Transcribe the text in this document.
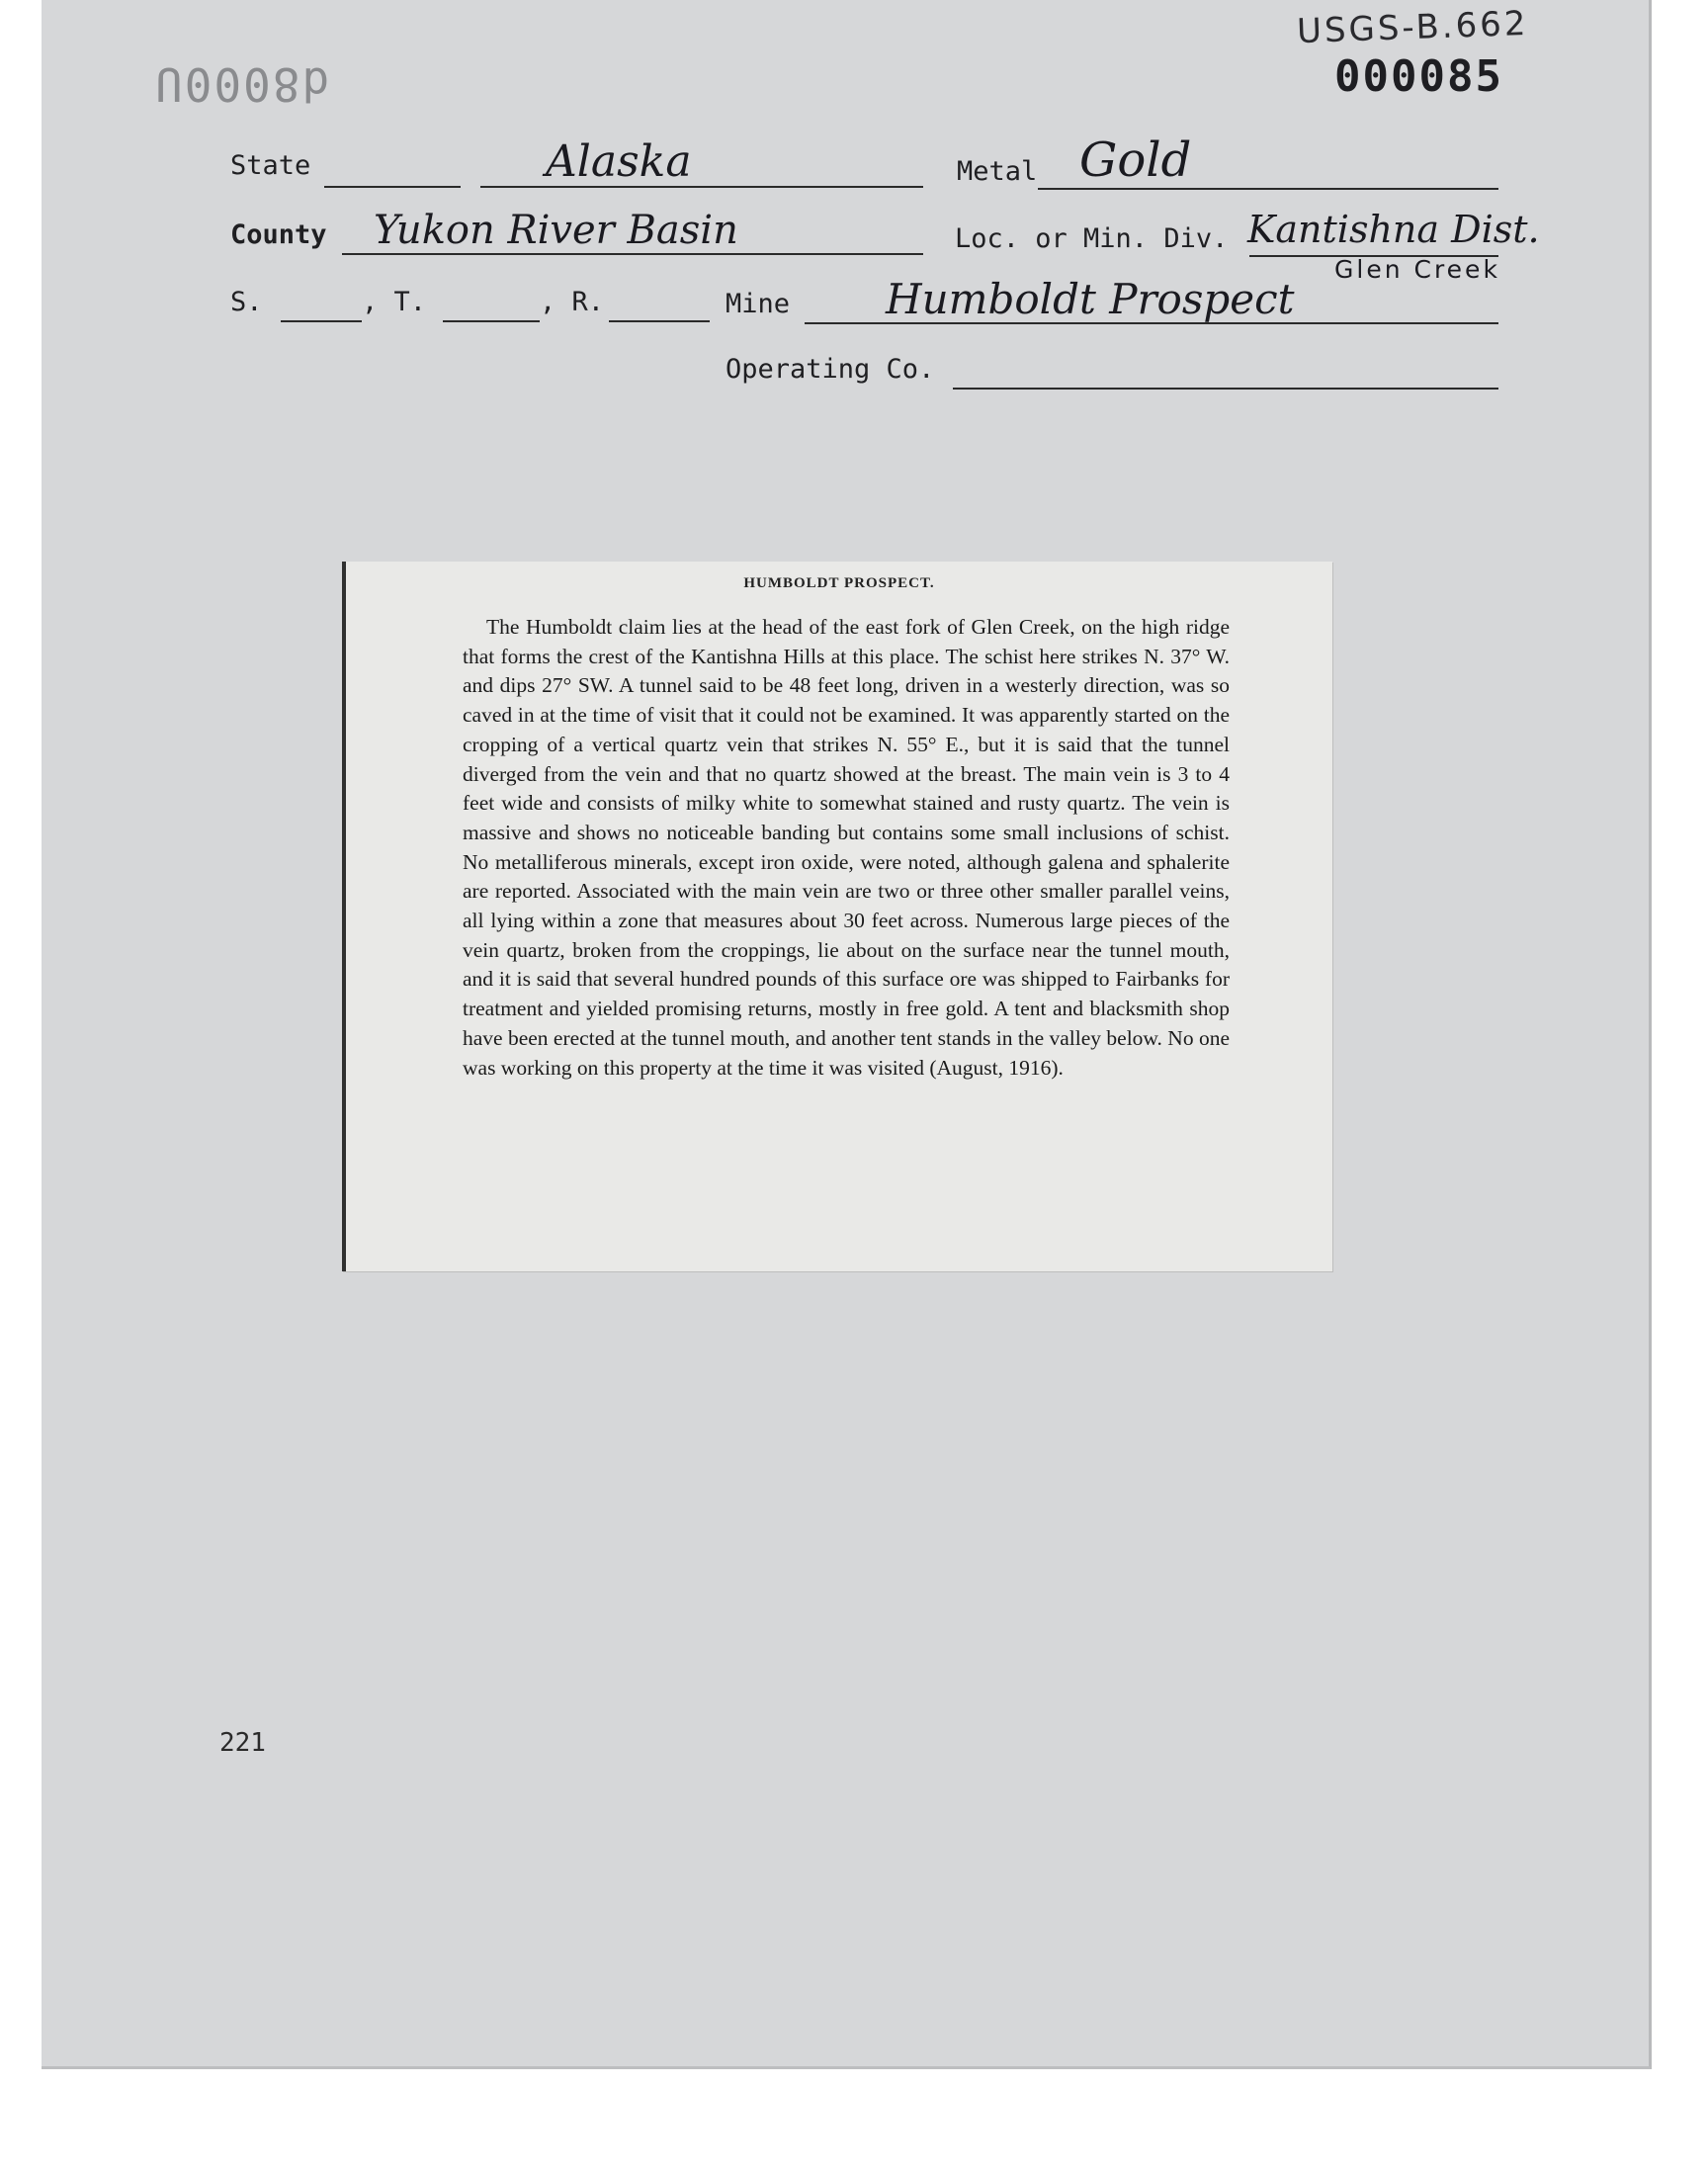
d8000U
USGS-B.662
000085
State	Alaska	Metal Gold
County Yukon River Basin	Loc. or Min. Div. Kantishna Dist.
Glen Creek
S.	, T.	, R.	Mine Humboldt Prospect
Operating Co.
HUMBOLDT PROSPECT.

The Humboldt claim lies at the head of the east fork of Glen Creek, on the high ridge that forms the crest of the Kantishna Hills at this place. The schist here strikes N. 37° W. and dips 27° SW. A tunnel said to be 48 feet long, driven in a westerly direction, was so caved in at the time of visit that it could not be examined. It was apparently started on the cropping of a vertical quartz vein that strikes N. 55° E., but it is said that the tunnel diverged from the vein and that no quartz showed at the breast. The main vein is 3 to 4 feet wide and consists of milky white to somewhat stained and rusty quartz. The vein is massive and shows no noticeable banding but contains some small inclusions of schist. No metalliferous minerals, except iron oxide, were noted, although galena and sphalerite are reported. Associated with the main vein are two or three other smaller parallel veins, all lying within a zone that measures about 30 feet across. Numerous large pieces of the vein quartz, broken from the croppings, lie about on the surface near the tunnel mouth, and it is said that several hundred pounds of this surface ore was shipped to Fairbanks for treatment and yielded promising returns, mostly in free gold. A tent and blacksmith shop have been erected at the tunnel mouth, and another tent stands in the valley below. No one was working on this property at the time it was visited (August, 1916).

221
